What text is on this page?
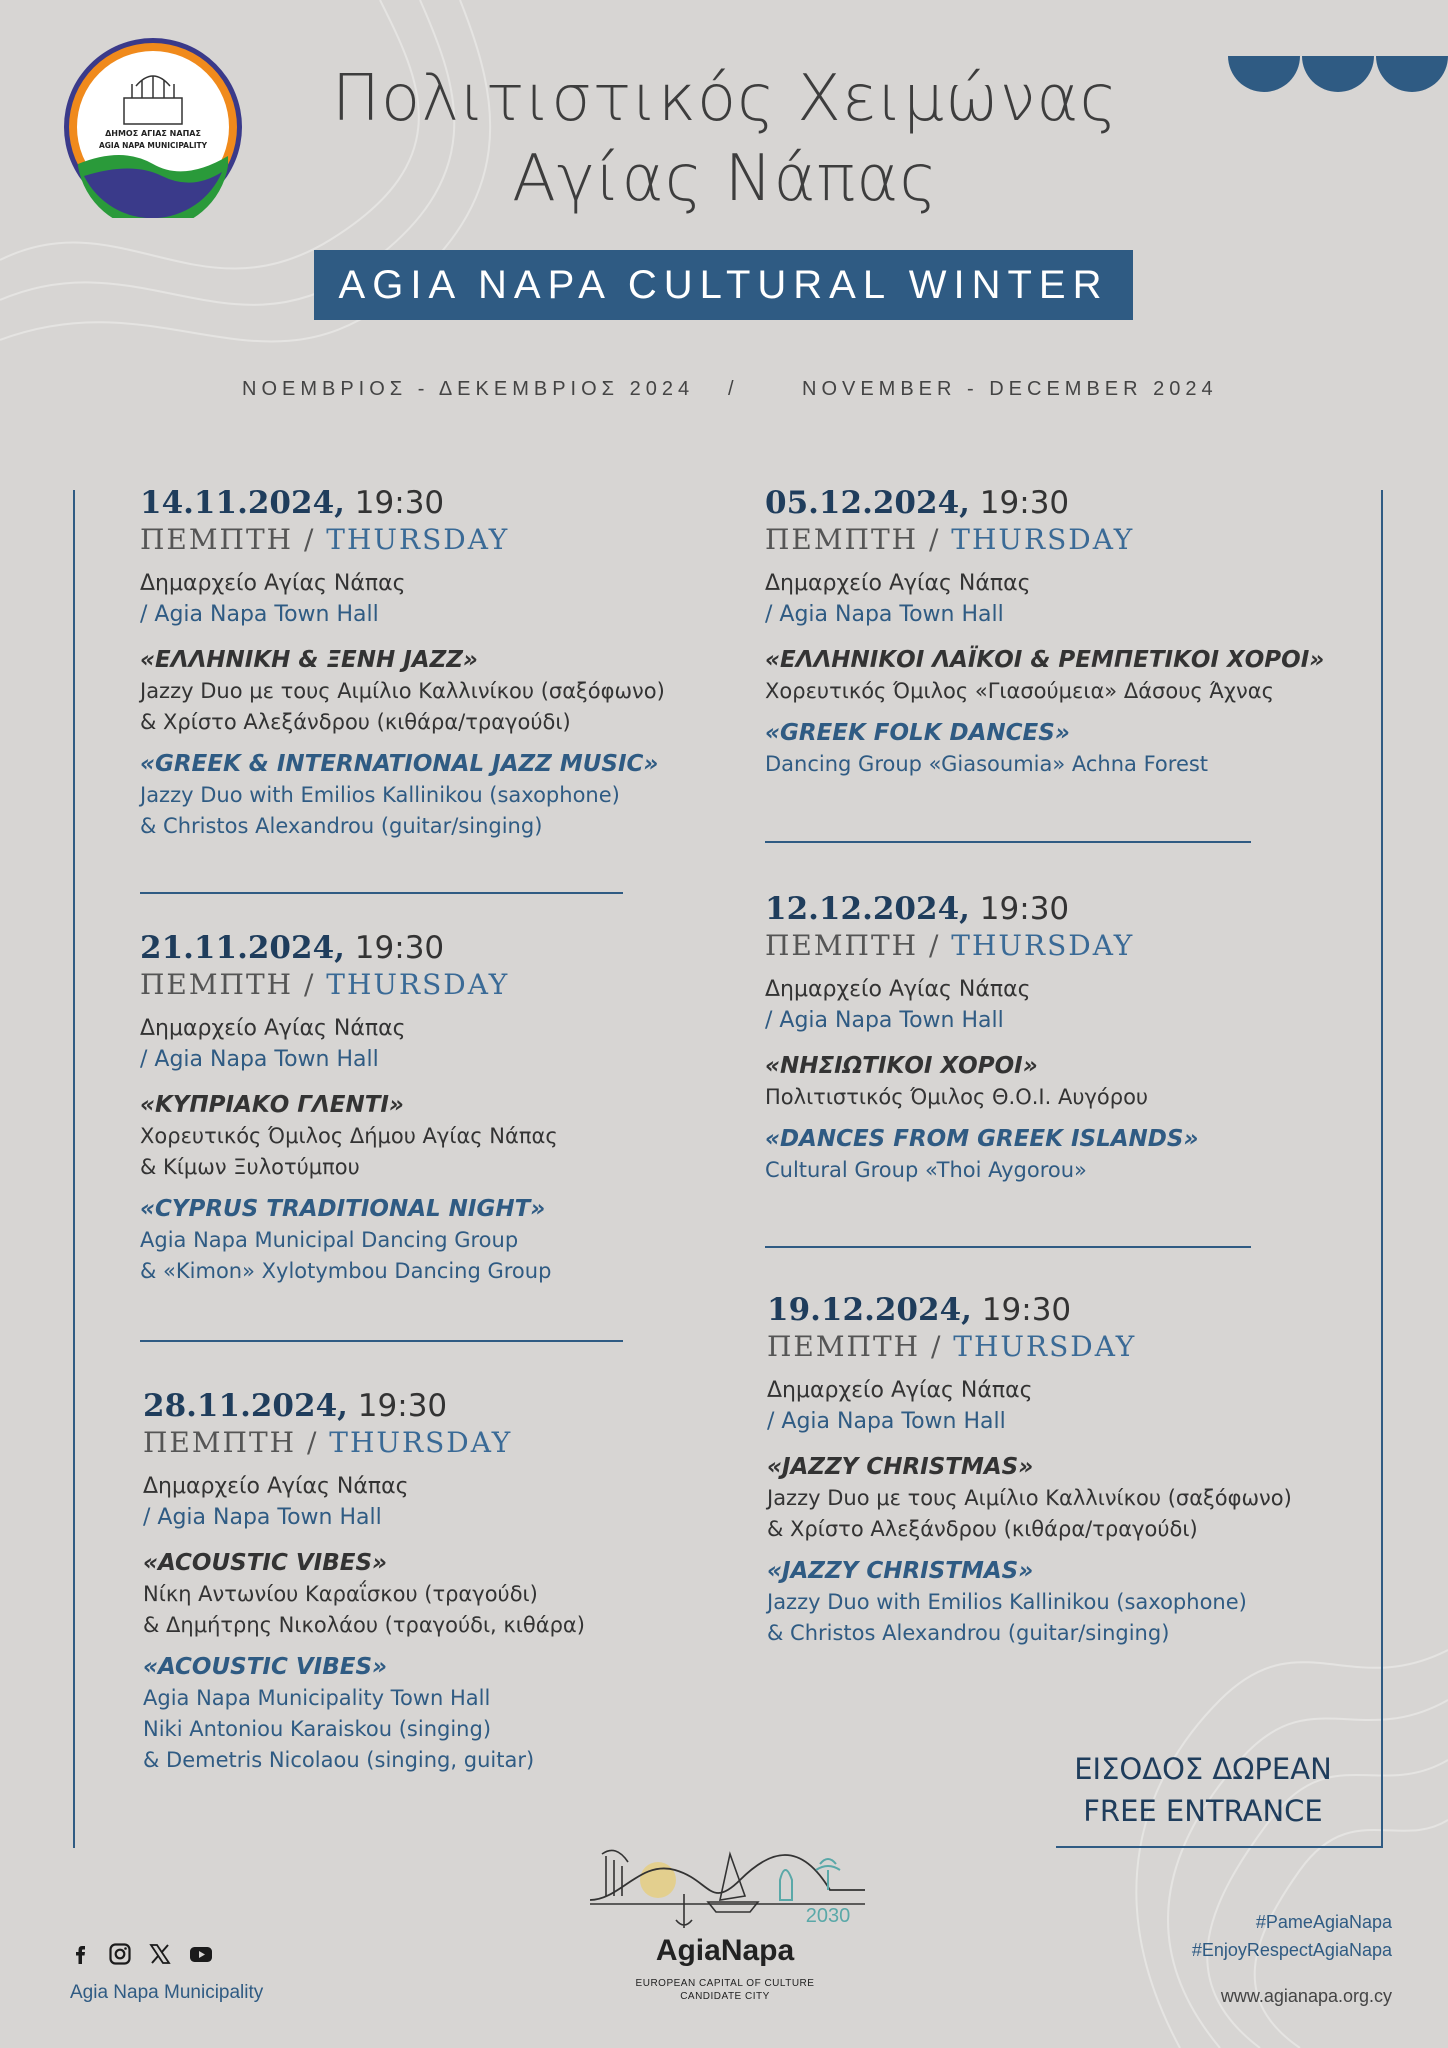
ΔΗΜΟΣ ΑΓΙΑΣ ΝΑΠΑΣ
AGIA NAPA MUNICIPALITY
Πολιτιστικός Χειμώνας
Αγίας Νάπας
AGIA NAPA CULTURAL WINTER
ΝΟΕΜΒΡΙΟΣ - ΔΕΚΕΜΒΡΙΟΣ 2024 /	NOVEMBER - DECEMBER 2024
14.11.2024, 19:30
ΠΕΜΠΤΗ / THURSDAY
Δημαρχείο Αγίας Νάπας
/ Agia Napa Town Hall
«ΕΛΛΗΝΙΚΗ & ΞΕΝΗ JAZZ»
Jazzy Duo με τους Αιμίλιο Καλλινίκου (σαξόφωνο)
& Χρίστο Αλεξάνδρου (κιθάρα/τραγούδι)
«GREEK & INTERNATIONAL JAZZ MUSIC»
Jazzy Duo with Emilios Kallinikou (saxophone)
& Christos Alexandrou (guitar/singing)
21.11.2024, 19:30
ΠΕΜΠΤΗ / THURSDAY
Δημαρχείο Αγίας Νάπας
/ Agia Napa Town Hall
«ΚΥΠΡΙΑΚΟ ΓΛΕΝΤΙ»
Χορευτικός Όμιλος Δήμου Αγίας Νάπας
& Κίμων Ξυλοτύμπου
«CYPRUS TRADITIONAL NIGHT»
Agia Napa Municipal Dancing Group
& «Kimon» Xylotymbou Dancing Group
28.11.2024, 19:30
ΠΕΜΠΤΗ / THURSDAY
Δημαρχείο Αγίας Νάπας
/ Agia Napa Town Hall
«ACOUSTIC VIBES»
Νίκη Αντωνίου Καραΐσκου (τραγούδι)
& Δημήτρης Νικολάου (τραγούδι, κιθάρα)
«ACOUSTIC VIBES»
Agia Napa Municipality Town Hall
Niki Antoniou Karaiskou (singing)
& Demetris Nicolaou (singing, guitar)
05.12.2024, 19:30
ΠΕΜΠΤΗ / THURSDAY
Δημαρχείο Αγίας Νάπας
/ Agia Napa Town Hall
«ΕΛΛΗΝΙΚΟΙ ΛΑΪΚΟΙ & ΡΕΜΠΕΤΙΚΟΙ ΧΟΡΟΙ»
Χορευτικός Όμιλος «Γιασούμεια» Δάσους Άχνας
«GREEK FOLK DANCES»
Dancing Group «Giasoumia» Achna Forest
12.12.2024, 19:30
ΠΕΜΠΤΗ / THURSDAY
Δημαρχείο Αγίας Νάπας
/ Agia Napa Town Hall
«ΝΗΣΙΩΤΙΚΟΙ ΧΟΡΟΙ»
Πολιτιστικός Όμιλος Θ.Ο.Ι. Αυγόρου
«DANCES FROM GREEK ISLANDS»
Cultural Group «Thoi Aygorou»
19.12.2024, 19:30
ΠΕΜΠΤΗ / THURSDAY
Δημαρχείο Αγίας Νάπας
/ Agia Napa Town Hall
«JAZZY CHRISTMAS»
Jazzy Duo με τους Αιμίλιο Καλλινίκου (σαξόφωνο)
& Χρίστο Αλεξάνδρου (κιθάρα/τραγούδι)
«JAZZY CHRISTMAS»
Jazzy Duo with Emilios Kallinikou (saxophone)
& Christos Alexandrou (guitar/singing)
ΕΙΣΟΔΟΣ ΔΩΡΕΑΝ
FREE ENTRANCE
2030
AgiaNapa
EUROPEAN CAPITAL OF CULTURE
CANDIDATE CITY
Agia Napa Municipality
#PameAgiaNapa
#EnjoyRespectAgiaNapa
www.agianapa.org.cy
